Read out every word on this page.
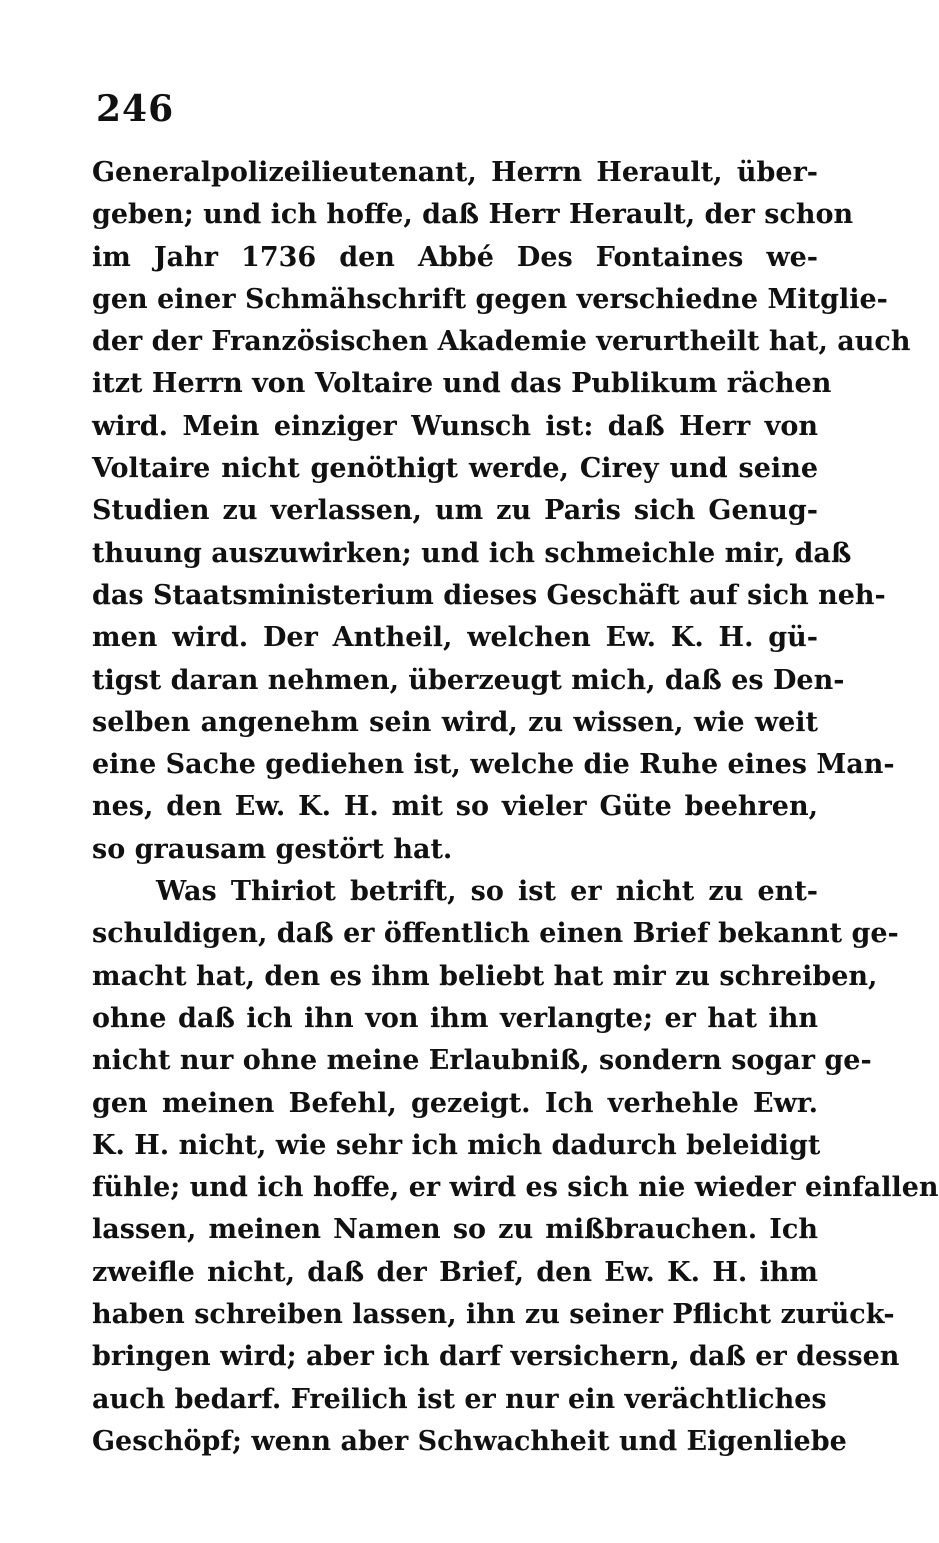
246
Generalpolizeilieutenant, Herrn Herault, über-
geben; und ich hoffe, daß Herr Herault, der schon
im Jahr 1736 den Abbé Des Fontaines we-
gen einer Schmähschrift gegen verschiedne Mitglie-
der der Französischen Akademie verurtheilt hat, auch
itzt Herrn von Voltaire und das Publikum rächen
wird. Mein einziger Wunsch ist: daß Herr von
Voltaire nicht genöthigt werde, Cirey und seine
Studien zu verlassen, um zu Paris sich Genug-
thuung auszuwirken; und ich schmeichle mir, daß
das Staatsministerium dieses Geschäft auf sich neh-
men wird. Der Antheil, welchen Ew. K. H. gü-
tigst daran nehmen, überzeugt mich, daß es Den-
selben angenehm sein wird, zu wissen, wie weit
eine Sache gediehen ist, welche die Ruhe eines Man-
nes, den Ew. K. H. mit so vieler Güte beehren,
so grausam gestört hat.
Was Thiriot betrift, so ist er nicht zu ent-
schuldigen, daß er öffentlich einen Brief bekannt ge-
macht hat, den es ihm beliebt hat mir zu schreiben,
ohne daß ich ihn von ihm verlangte; er hat ihn
nicht nur ohne meine Erlaubniß, sondern sogar ge-
gen meinen Befehl, gezeigt. Ich verhehle Ewr.
K. H. nicht, wie sehr ich mich dadurch beleidigt
fühle; und ich hoffe, er wird es sich nie wieder einfallen
lassen, meinen Namen so zu mißbrauchen. Ich
zweifle nicht, daß der Brief, den Ew. K. H. ihm
haben schreiben lassen, ihn zu seiner Pflicht zurück-
bringen wird; aber ich darf versichern, daß er dessen
auch bedarf. Freilich ist er nur ein verächtliches
Geschöpf; wenn aber Schwachheit und Eigenliebe
